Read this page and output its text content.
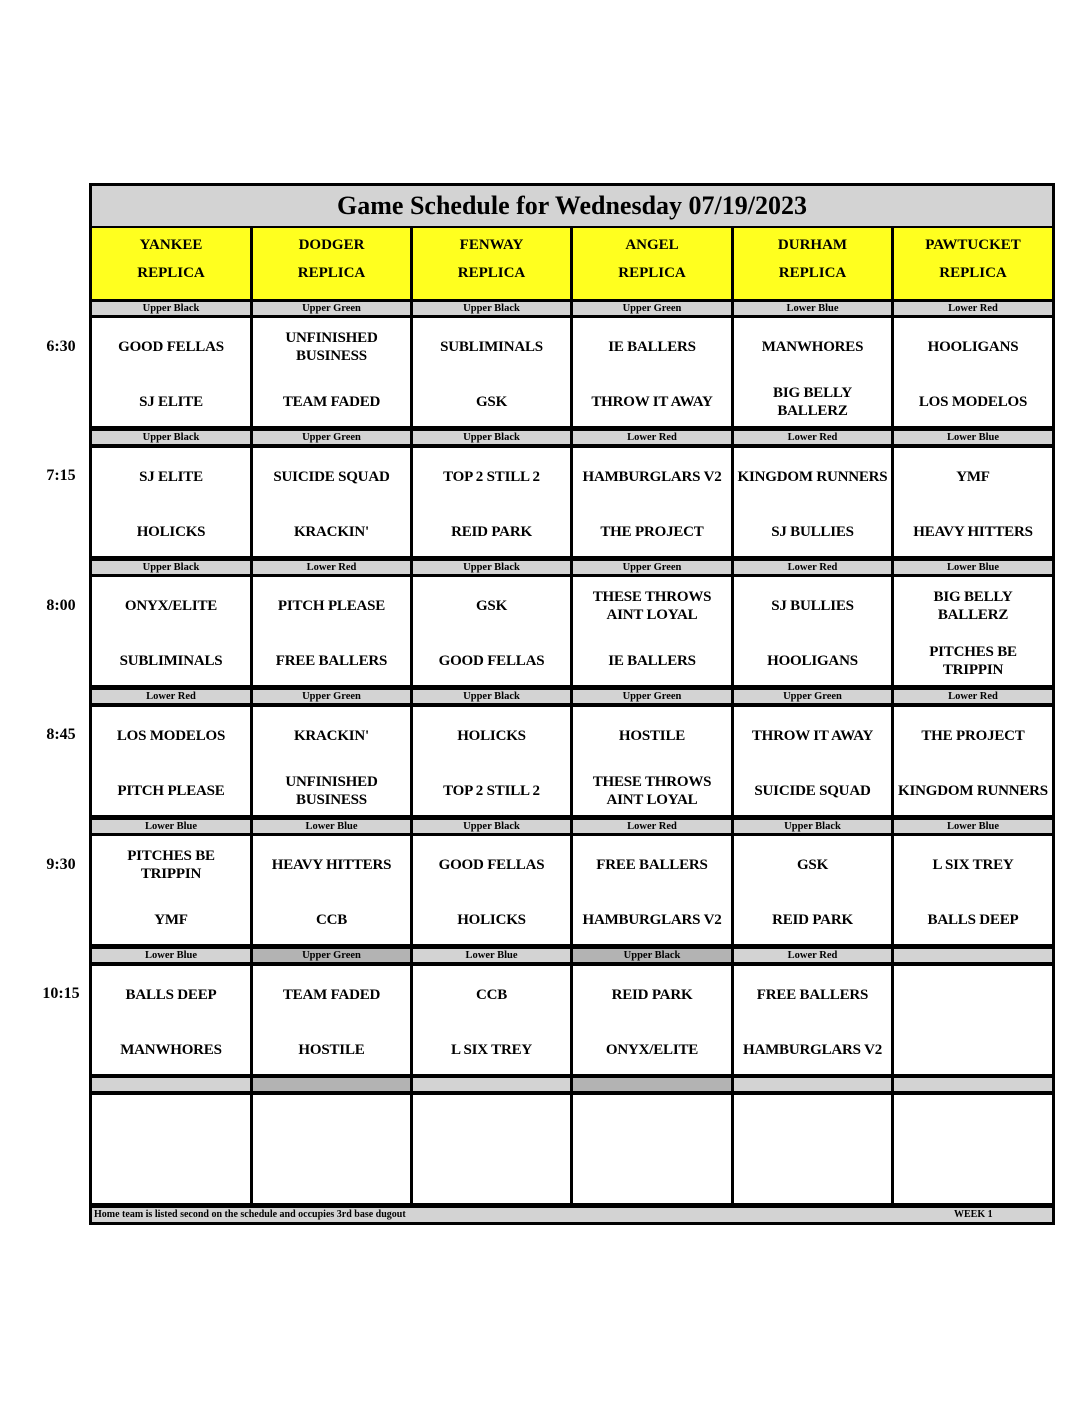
Game Schedule for Wednesday 07/19/2023
Home team is listed second on the schedule and occupies 3rd base dugout	WEEK 1
YANKEE
REPLICA
DODGER
REPLICA
FENWAY
REPLICA
ANGEL
REPLICA
DURHAM
REPLICA
PAWTUCKET
REPLICA
Upper Black
GOOD FELLAS
SJ ELITE
Upper Green
UNFINISHED
BUSINESS
TEAM FADED
Upper Black
SUBLIMINALS
GSK
Upper Green
IE BALLERS
THROW IT AWAY
Lower Blue
MANWHORES
BIG BELLY
BALLERZ
Lower Red
HOOLIGANS
LOS MODELOS
Upper Black
SJ ELITE
HOLICKS
Upper Green
SUICIDE SQUAD
KRACKIN'
Upper Black
TOP 2 STILL 2
REID PARK
Lower Red
HAMBURGLARS V2
THE PROJECT
Lower Red
KINGDOM RUNNERS
SJ BULLIES
Lower Blue
YMF
HEAVY HITTERS
Upper Black
ONYX/ELITE
SUBLIMINALS
Lower Red
PITCH PLEASE
FREE BALLERS
Upper Black
GSK
GOOD FELLAS
Upper Green
THESE THROWS
AINT LOYAL
IE BALLERS
Lower Red
SJ BULLIES
HOOLIGANS
Lower Blue
BIG BELLY
BALLERZ
PITCHES BE
TRIPPIN
Lower Red
LOS MODELOS
PITCH PLEASE
Upper Green
KRACKIN'
UNFINISHED
BUSINESS
Upper Black
HOLICKS
TOP 2 STILL 2
Upper Green
HOSTILE
THESE THROWS
AINT LOYAL
Upper Green
THROW IT AWAY
SUICIDE SQUAD
Lower Red
THE PROJECT
KINGDOM RUNNERS
Lower Blue
PITCHES BE
TRIPPIN
YMF
Lower Blue
HEAVY HITTERS
CCB
Upper Black
GOOD FELLAS
HOLICKS
Lower Red
FREE BALLERS
HAMBURGLARS V2
Upper Black
GSK
REID PARK
Lower Blue
L SIX TREY
BALLS DEEP
Lower Blue
BALLS DEEP
MANWHORES
Upper Green
TEAM FADED
HOSTILE
Lower Blue
CCB
L SIX TREY
Upper Black
REID PARK
ONYX/ELITE
Lower Red
FREE BALLERS
HAMBURGLARS V2
6:30
7:15
8:00
8:45
9:30
10:15
